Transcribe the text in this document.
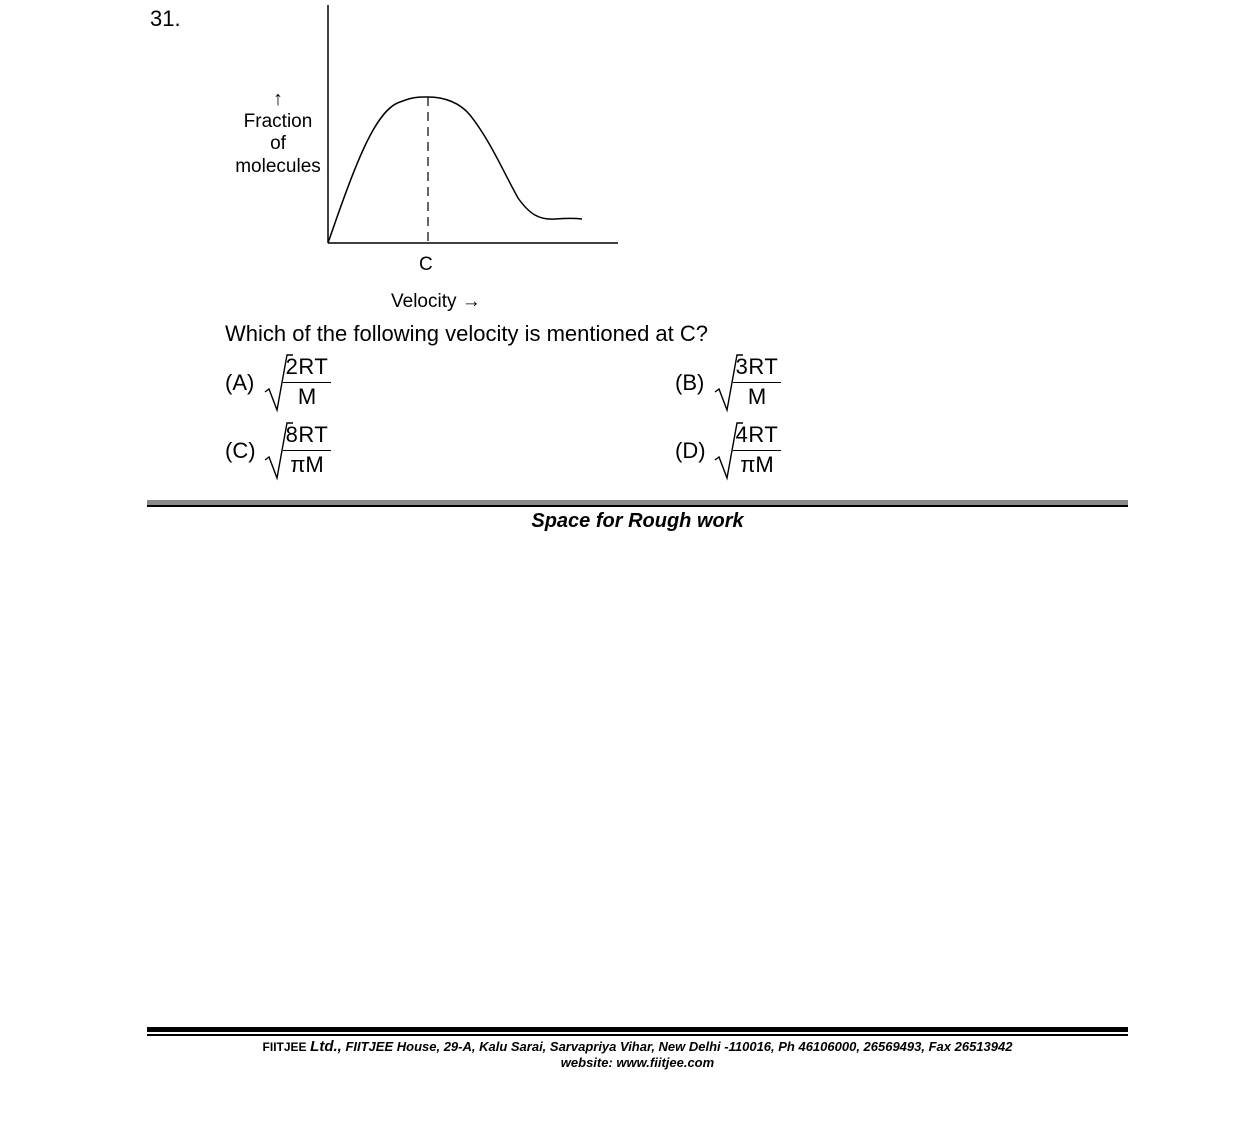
31.
↑
Fraction
of
molecules
C
Velocity →
Which of the following velocity is mentioned at C?
(A)
2RT
M
(B)
3RT
M
(C)
8RT
πM
(D)
4RT
πM
Space for Rough work
FIITJEE Ltd., FIITJEE House, 29-A, Kalu Sarai, Sarvapriya Vihar, New Delhi -110016, Ph 46106000, 26569493, Fax 26513942
website: www.fiitjee.com
